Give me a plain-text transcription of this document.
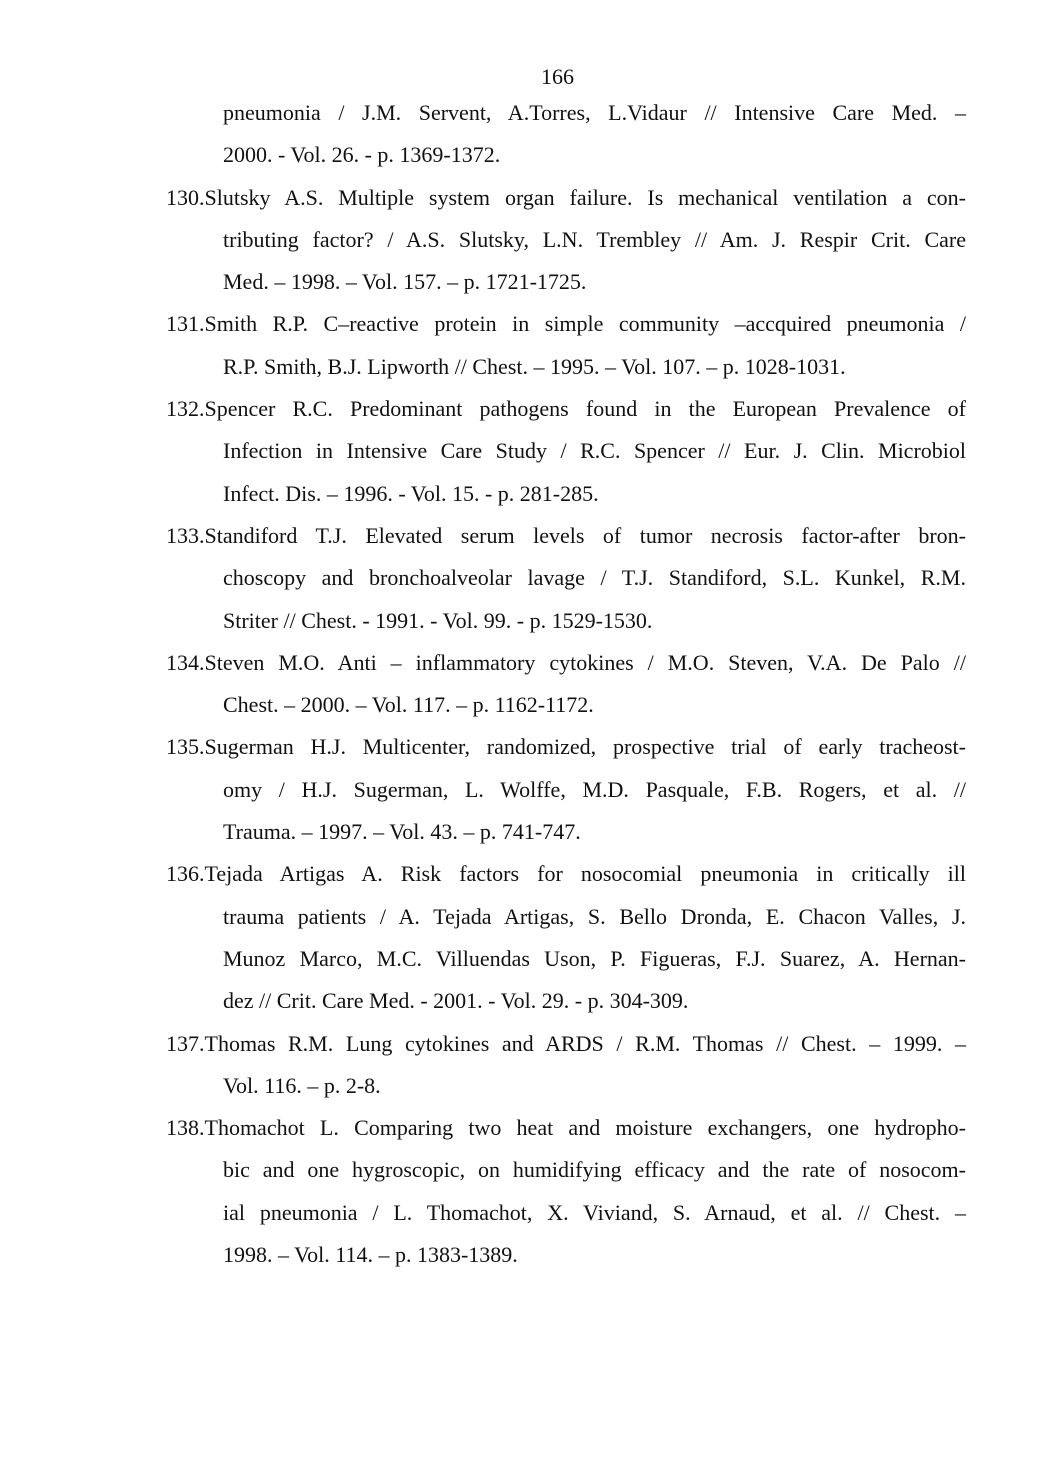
166
pneumonia / J.M. Servent, A.Torres, L.Vidaur // Intensive Care Med. –
2000. - Vol. 26. - p. 1369-1372.
130. Slutsky A.S. Multiple system organ failure. Is mechanical ventilation a con-
tributing factor? / A.S. Slutsky, L.N. Trembley // Am. J. Respir Crit. Care
Med. – 1998. – Vol. 157. – p. 1721-1725.
131. Smith R.P. C–reactive protein in simple community –accquired pneumonia /
R.P. Smith, B.J. Lipworth // Chest. – 1995. – Vol. 107. – p. 1028-1031.
132. Spencer R.C. Predominant pathogens found in the European Prevalence of
Infection in Intensive Care Study / R.C. Spencer // Eur. J. Clin. Microbiol
Infect. Dis. – 1996. - Vol. 15. - p. 281-285.
133. Standiford T.J. Elevated serum levels of tumor necrosis factor-after bron-
choscopy and bronchoalveolar lavage / T.J. Standiford, S.L. Kunkel, R.M.
Striter // Chest. - 1991. - Vol. 99. - p. 1529-1530.
134. Steven M.O. Anti – inflammatory cytokines / M.O. Steven, V.A. De Palo //
Chest. – 2000. – Vol. 117. – p. 1162-1172.
135. Sugerman H.J. Multicenter, randomized, prospective trial of early tracheost-
omy / H.J. Sugerman, L. Wolffe, M.D. Pasquale, F.B. Rogers, et al. //
Trauma. – 1997. – Vol. 43. – p. 741-747.
136. Tejada Artigas A. Risk factors for nosocomial pneumonia in critically ill
trauma patients / A. Tejada Artigas, S. Bello Dronda, E. Chacon Valles, J.
Munoz Marco, M.C. Villuendas Uson, P. Figueras, F.J. Suarez, A. Hernan-
dez // Crit. Care Med. - 2001. - Vol. 29. - p. 304-309.
137. Thomas R.M. Lung cytokines and ARDS / R.M. Thomas // Chest. – 1999. –
Vol. 116. – p. 2-8.
138. Thomachot L. Comparing two heat and moisture exchangers, one hydropho-
bic and one hygroscopic, on humidifying efficacy and the rate of nosocom-
ial pneumonia / L. Thomachot, X. Viviand, S. Arnaud, et al. // Chest. –
1998. – Vol. 114. – p. 1383-1389.
